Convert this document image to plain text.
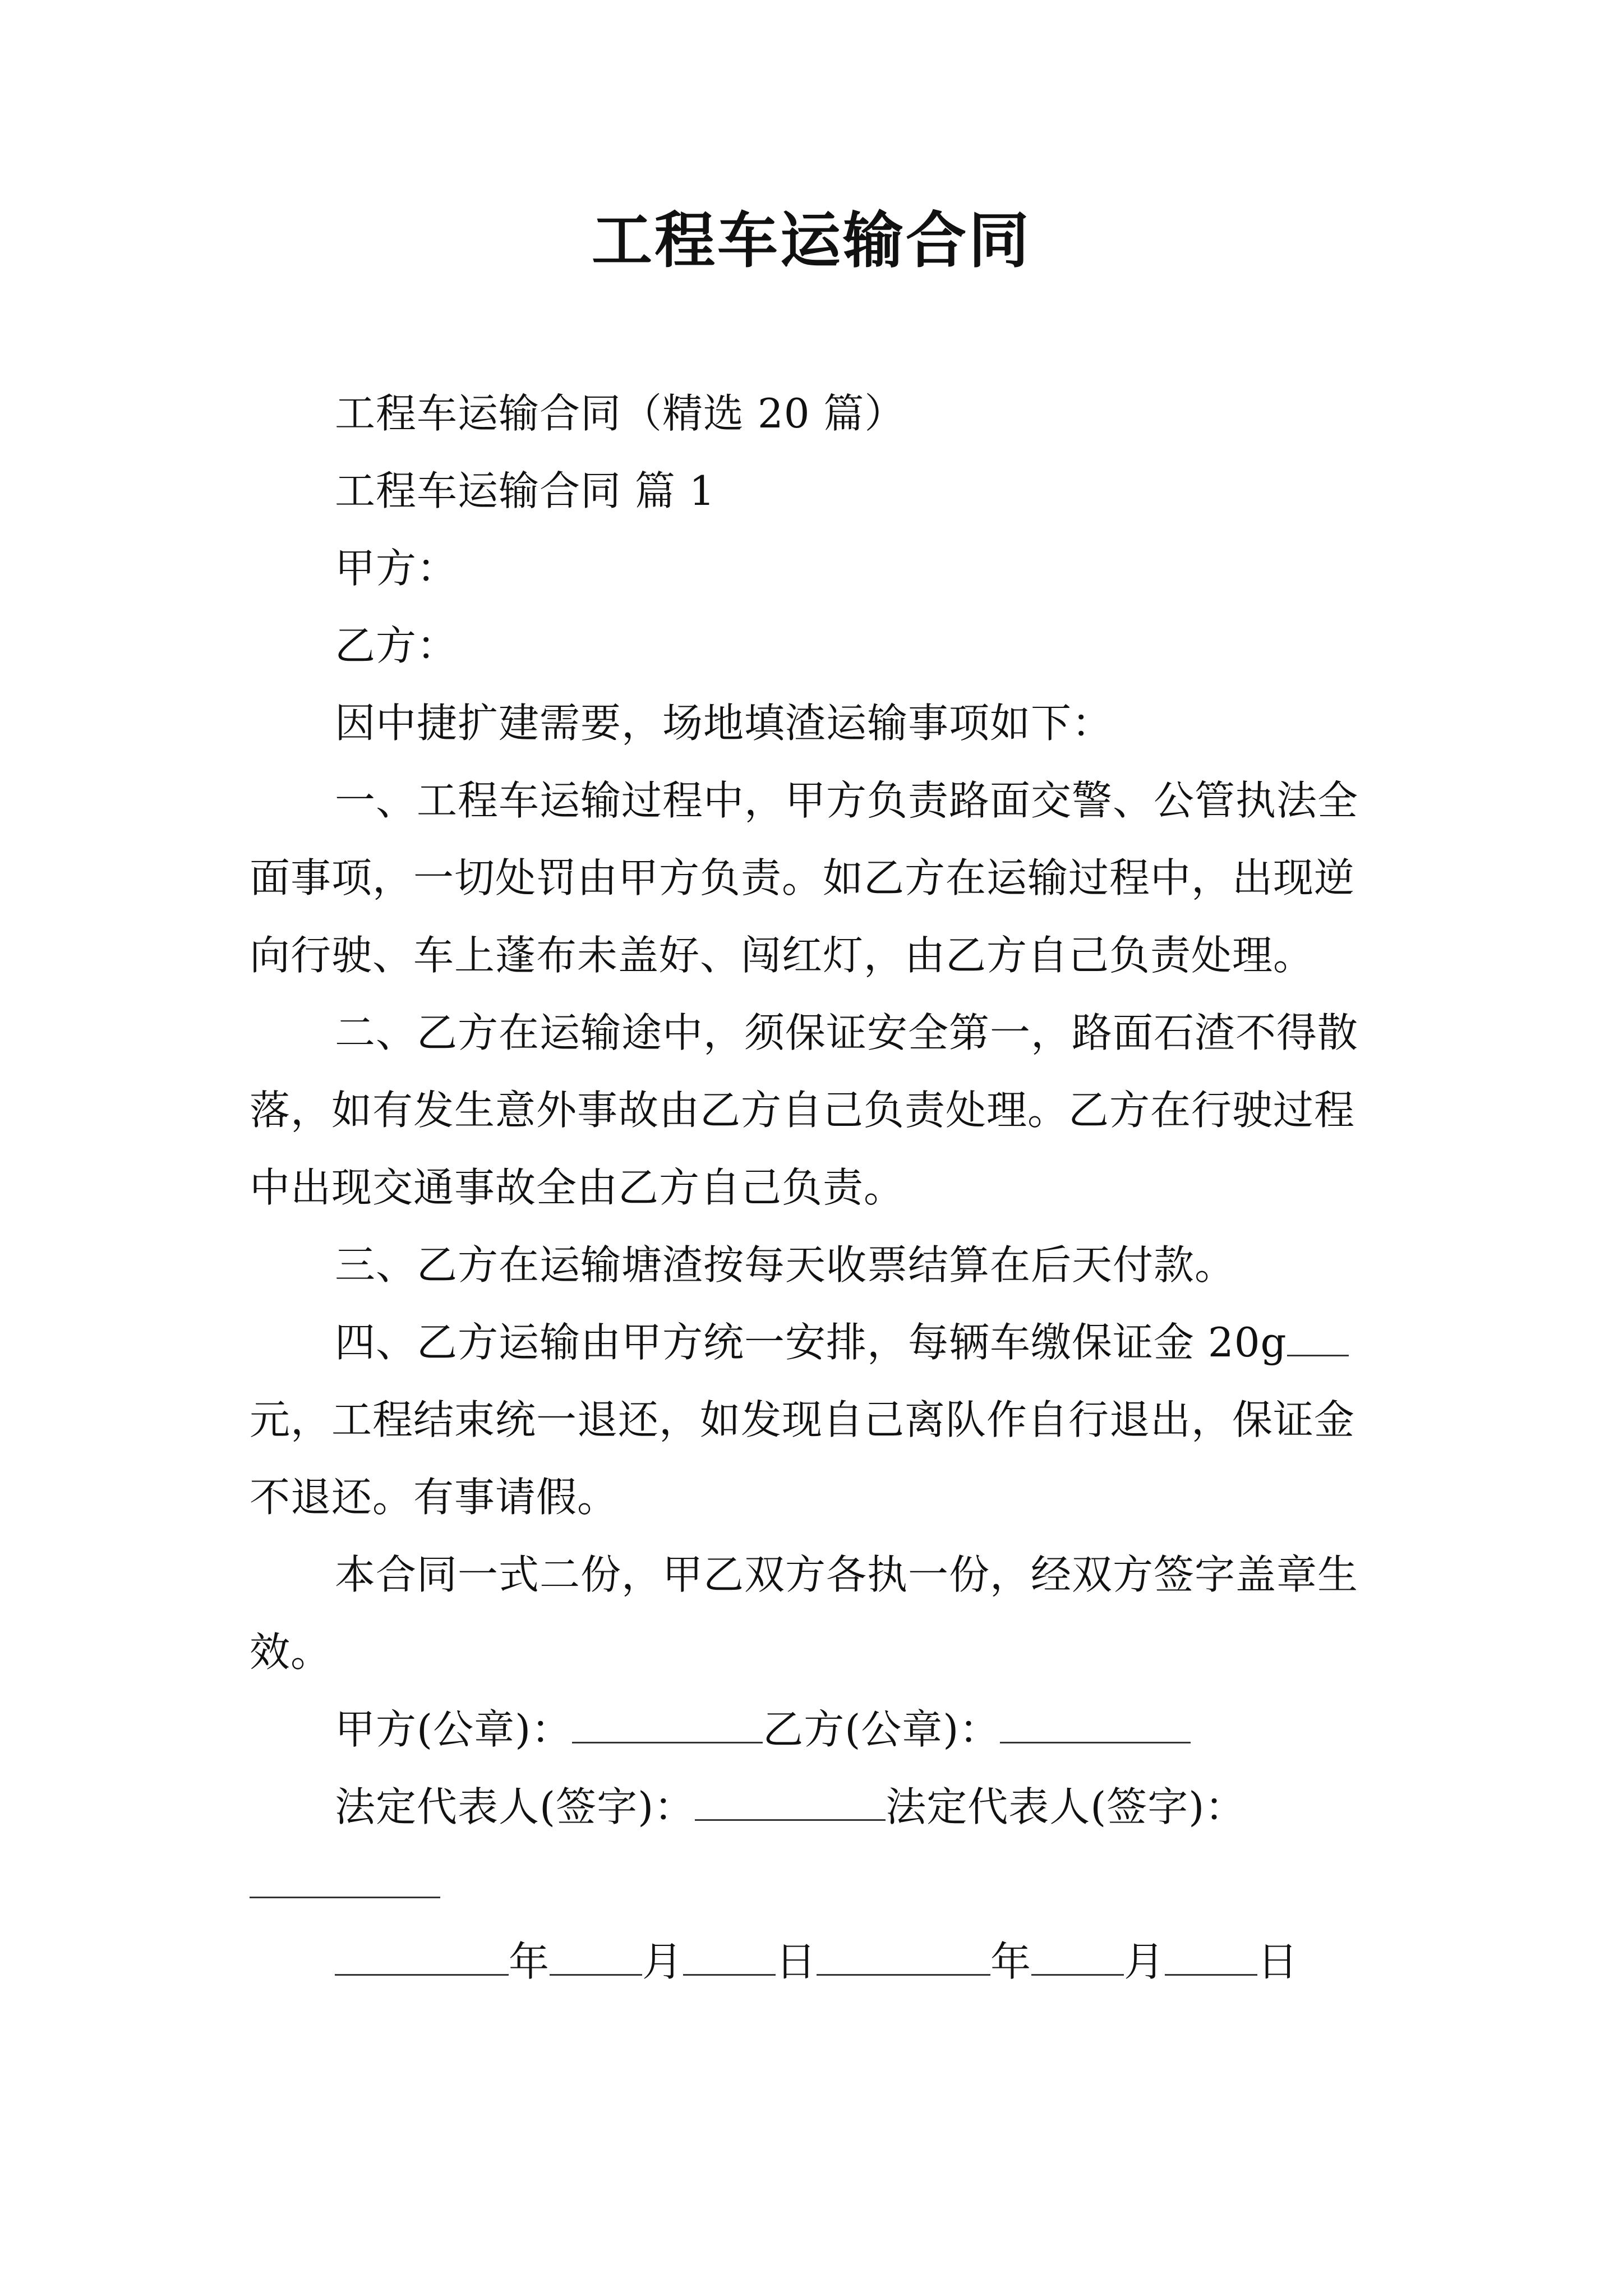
工程车运输合同

工程车运输合同（精选 20 篇）

工程车运输合同 篇 1

甲方：

乙方：

因中捷扩建需要，场地填渣运输事项如下：

一、工程车运输过程中，甲方负责路面交警、公管执法全面事项，一切处罚由甲方负责。如乙方在运输过程中，出现逆向行驶、车上蓬布未盖好、闯红灯，由乙方自己负责处理。

二、乙方在运输途中，须保证安全第一，路面石渣不得散落，如有发生意外事故由乙方自己负责处理。乙方在行驶过程中出现交通事故全由乙方自己负责。

三、乙方在运输塘渣按每天收票结算在后天付款。

四、乙方运输由甲方统一安排，每辆车缴保证金 20g元，工程结束统一退还，如发现自己离队作自行退出，保证金不退还。有事请假。

本合同一式二份，甲乙双方各执一份，经双方签字盖章生效。

甲方(公章)：	乙方(公章)：

法定代表人(签字)：	法定代表人(签字)：

年 月 日	年 月 日
